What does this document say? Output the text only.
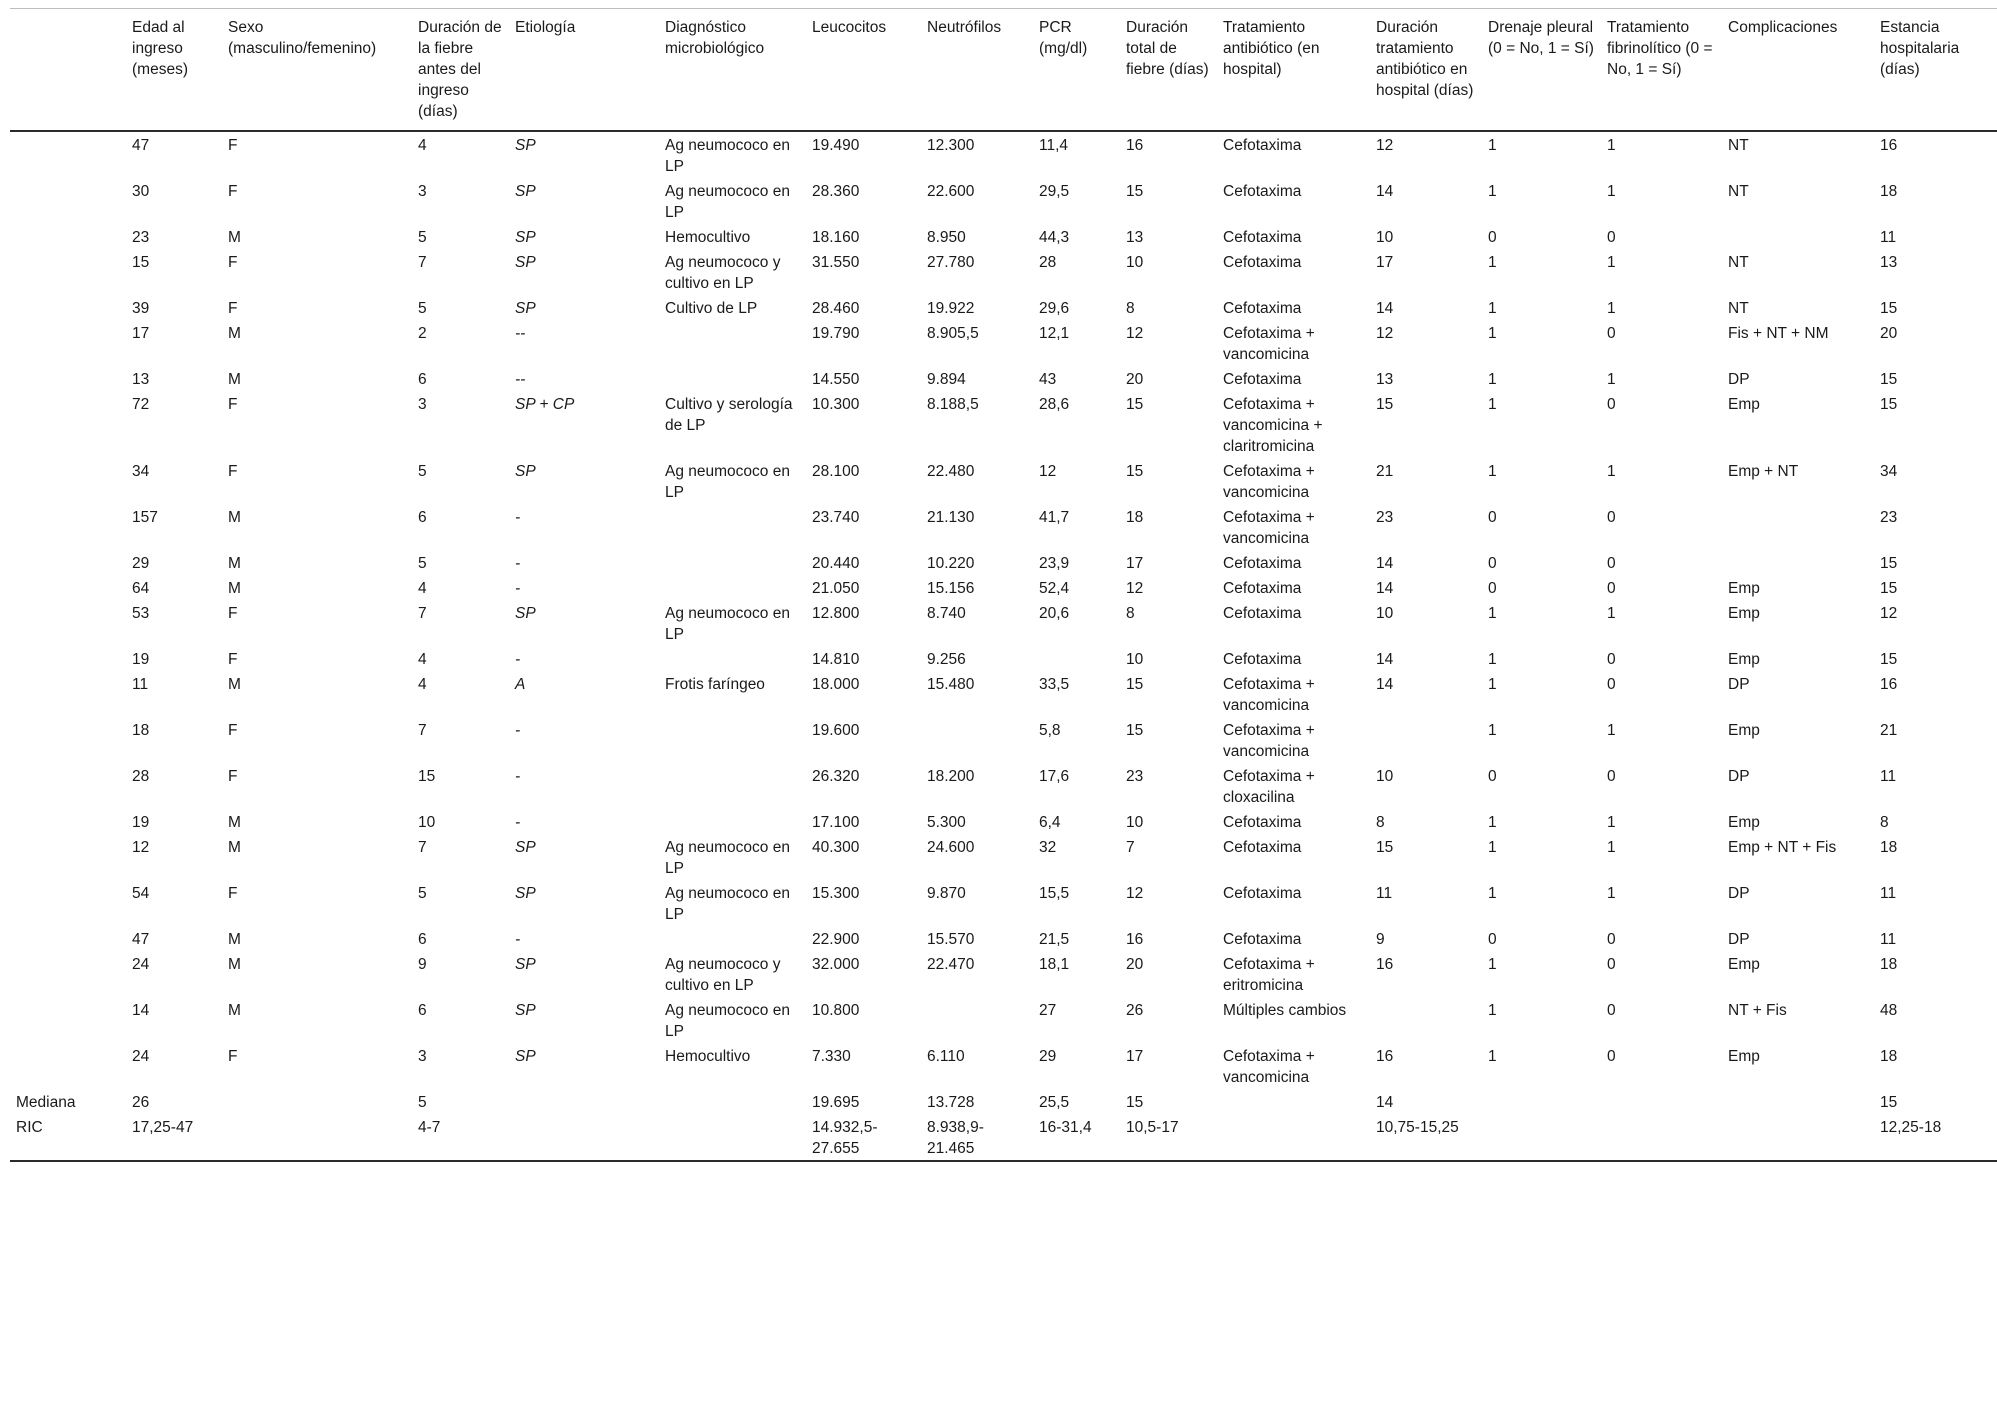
	Edad al ingreso (meses)	Sexo (masculino/femenino)	Duración de la fiebre antes del ingreso (días)	Etiología	Diagnóstico microbiológico	Leucocitos	Neutrófilos	PCR (mg/dl)	Duración total de fiebre (días)	Tratamiento antibiótico (en hospital)	Duración tratamiento antibiótico en hospital (días)	Drenaje pleural (0 = No, 1 = Sí)	Tratamiento fibrinolítico (0 = No, 1 = Sí)	Complicaciones	Estancia hospitalaria (días)
	47	F	4	SP	Ag neumococo en LP	19.490	12.300	11,4	16	Cefotaxima	12	1	1	NT	16
	30	F	3	SP	Ag neumococo en LP	28.360	22.600	29,5	15	Cefotaxima	14	1	1	NT	18
	23	M	5	SP	Hemocultivo	18.160	8.950	44,3	13	Cefotaxima	10	0	0		11
	15	F	7	SP	Ag neumococo y cultivo en LP	31.550	27.780	28	10	Cefotaxima	17	1	1	NT	13
	39	F	5	SP	Cultivo de LP	28.460	19.922	29,6	8	Cefotaxima	14	1	1	NT	15
	17	M	2	--		19.790	8.905,5	12,1	12	Cefotaxima + vancomicina	12	1	0	Fis + NT + NM	20
	13	M	6	--		14.550	9.894	43	20	Cefotaxima	13	1	1	DP	15
	72	F	3	SP + CP	Cultivo y serología de LP	10.300	8.188,5	28,6	15	Cefotaxima + vancomicina + claritromicina	15	1	0	Emp	15
	34	F	5	SP	Ag neumococo en LP	28.100	22.480	12	15	Cefotaxima + vancomicina	21	1	1	Emp + NT	34
	157	M	6	-		23.740	21.130	41,7	18	Cefotaxima + vancomicina	23	0	0		23
	29	M	5	-		20.440	10.220	23,9	17	Cefotaxima	14	0	0		15
	64	M	4	-		21.050	15.156	52,4	12	Cefotaxima	14	0	0	Emp	15
	53	F	7	SP	Ag neumococo en LP	12.800	8.740	20,6	8	Cefotaxima	10	1	1	Emp	12
	19	F	4	-		14.810	9.256		10	Cefotaxima	14	1	0	Emp	15
	11	M	4	A	Frotis faríngeo	18.000	15.480	33,5	15	Cefotaxima + vancomicina	14	1	0	DP	16
	18	F	7	-		19.600		5,8	15	Cefotaxima + vancomicina		1	1	Emp	21
	28	F	15	-		26.320	18.200	17,6	23	Cefotaxima + cloxacilina	10	0	0	DP	11
	19	M	10	-		17.100	5.300	6,4	10	Cefotaxima	8	1	1	Emp	8
	12	M	7	SP	Ag neumococo en LP	40.300	24.600	32	7	Cefotaxima	15	1	1	Emp + NT + Fis	18
	54	F	5	SP	Ag neumococo en LP	15.300	9.870	15,5	12	Cefotaxima	11	1	1	DP	11
	47	M	6	-		22.900	15.570	21,5	16	Cefotaxima	9	0	0	DP	11
	24	M	9	SP	Ag neumococo y cultivo en LP	32.000	22.470	18,1	20	Cefotaxima + eritromicina	16	1	0	Emp	18
	14	M	6	SP	Ag neumococo en LP	10.800		27	26	Múltiples cambios		1	0	NT + Fis	48
	24	F	3	SP	Hemocultivo	7.330	6.110	29	17	Cefotaxima + vancomicina	16	1	0	Emp	18
Mediana	26		5			19.695	13.728	25,5	15		14				15
RIC	17,25-47		4-7			14.932,5-27.655	8.938,9-21.465	16-31,4	10,5-17		10,75-15,25				12,25-18
